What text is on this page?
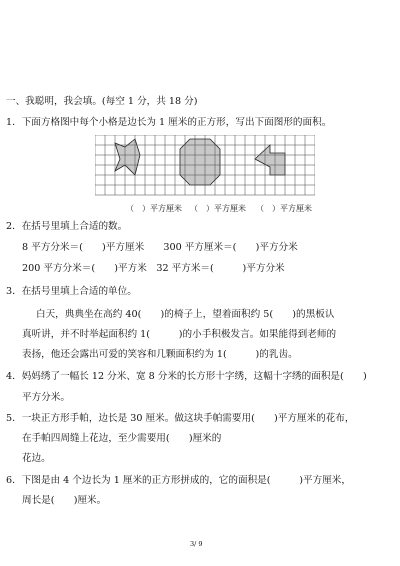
一、我聪明，我会填。(每空 1 分，共 18 分)
1．下面方格图中每个小格是边长为 1 厘米的正方形，写出下面图形的面积。
（　）平方厘米 （　）平方厘米 （　）平方厘米
2．在括号里填上合适的数。
8 平方分米＝(　　)平方厘米　　300 平方厘米＝(　　)平方分米
200 平方分米＝(　　)平方米　32 平方米＝(　　　)平方分米
3．在括号里填上合适的单位。
白天，典典坐在高约 40(　　)的椅子上，望着面积约 5(　　)的黑板认
真听讲，并不时举起面积约 1(　　　)的小手积极发言。如果能得到老师的
表扬，他还会露出可爱的笑容和几颗面积约为 1(　　　)的乳齿。
4．妈妈绣了一幅长 12 分米、宽 8 分米的长方形十字绣，这幅十字绣的面积是(　　)
平方分米。
5．一块正方形手帕，边长是 30 厘米。做这块手帕需要用(　　)平方厘米的花布，
在手帕四周缝上花边，至少需要用(　　)厘米的
花边。
6．下图是由 4 个边长为 1 厘米的正方形拼成的，它的面积是(　　　)平方厘米，
周长是(　　)厘米。
3/ 9
